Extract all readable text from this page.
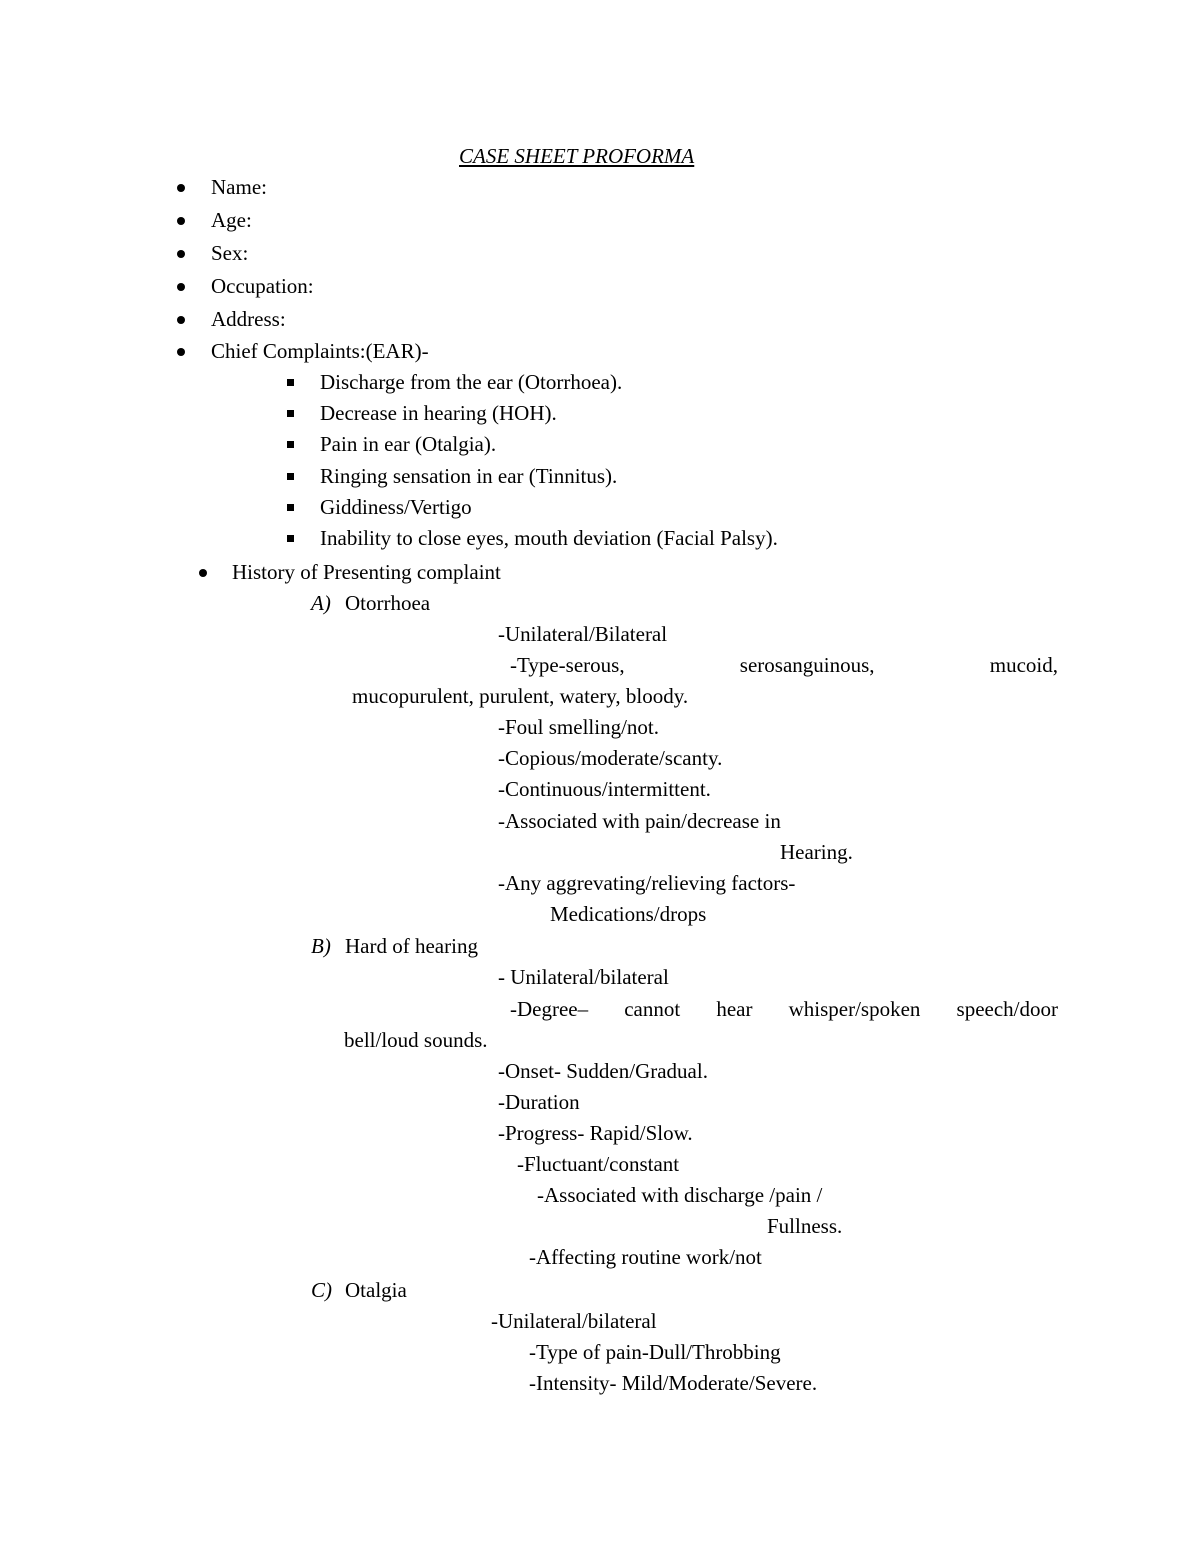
CASE SHEET PROFORMA
Name:
Age:
Sex:
Occupation:
Address:
Chief Complaints:(EAR)-
Discharge from the ear (Otorrhoea).
Decrease in hearing (HOH).
Pain in ear (Otalgia).
Ringing sensation in ear (Tinnitus).
Giddiness/Vertigo
Inability to close eyes, mouth deviation (Facial Palsy).
History of Presenting complaint
A) Otorrhoea
-Unilateral/Bilateral
-Type-serous,	serosanguinous,	mucoid,
mucopurulent, purulent, watery, bloody.
-Foul smelling/not.
-Copious/moderate/scanty.
-Continuous/intermittent.
-Associated with pain/decrease in
Hearing.
-Any aggrevating/relieving factors-
Medications/drops
B) Hard of hearing
- Unilateral/bilateral
-Degree– cannot hear whisper/spoken speech/door
bell/loud sounds.
-Onset- Sudden/Gradual.
-Duration
-Progress- Rapid/Slow.
-Fluctuant/constant
-Associated with discharge /pain /
Fullness.
-Affecting routine work/not
C) Otalgia
-Unilateral/bilateral
-Type of pain-Dull/Throbbing
-Intensity- Mild/Moderate/Severe.
